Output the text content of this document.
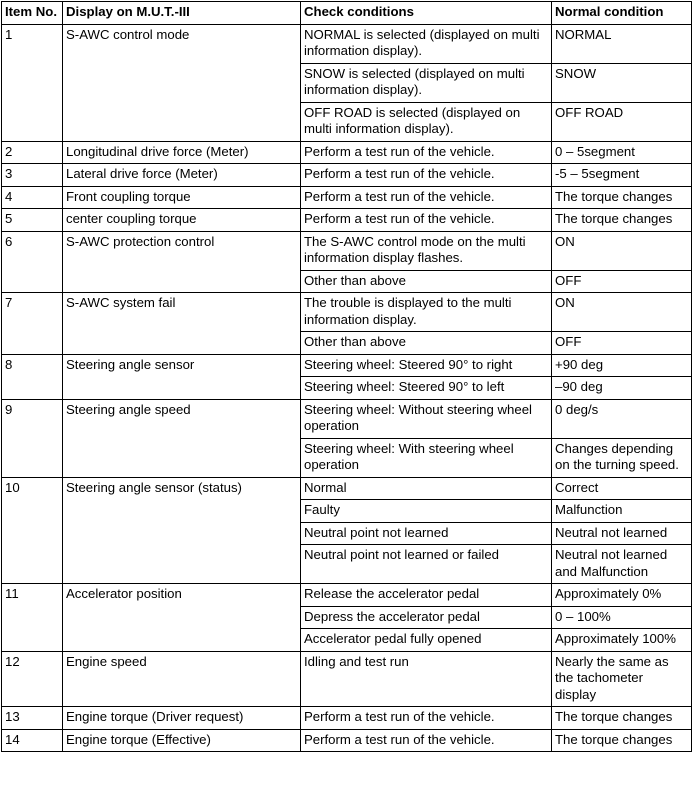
Item No.	Display on M.U.T.-III	Check conditions	Normal condition
1	S-AWC control mode	NORMAL is selected (displayed on multi information display).	NORMAL
		SNOW is selected (displayed on multi information display).	SNOW
		OFF ROAD is selected (displayed on multi information display).	OFF ROAD
2	Longitudinal drive force (Meter)	Perform a test run of the vehicle.	0 – 5segment
3	Lateral drive force (Meter)	Perform a test run of the vehicle.	-5 – 5segment
4	Front coupling torque	Perform a test run of the vehicle.	The torque changes
5	center coupling torque	Perform a test run of the vehicle.	The torque changes
6	S-AWC protection control	The S-AWC control mode on the multi information display flashes.	ON
		Other than above	OFF
7	S-AWC system fail	The trouble is displayed to the multi information display.	ON
		Other than above	OFF
8	Steering angle sensor	Steering wheel: Steered 90° to right	+90 deg
		Steering wheel: Steered 90° to left	–90 deg
9	Steering angle speed	Steering wheel: Without steering wheel operation	0 deg/s
		Steering wheel: With steering wheel operation	Changes depending on the turning speed.
10	Steering angle sensor (status)	Normal	Correct
		Faulty	Malfunction
		Neutral point not learned	Neutral not learned
		Neutral point not learned or failed	Neutral not learned and Malfunction
11	Accelerator position	Release the accelerator pedal	Approximately 0%
		Depress the accelerator pedal	0 – 100%
		Accelerator pedal fully opened	Approximately 100%
12	Engine speed	Idling and test run	Nearly the same as the tachometer display
13	Engine torque (Driver request)	Perform a test run of the vehicle.	The torque changes
14	Engine torque (Effective)	Perform a test run of the vehicle.	The torque changes
